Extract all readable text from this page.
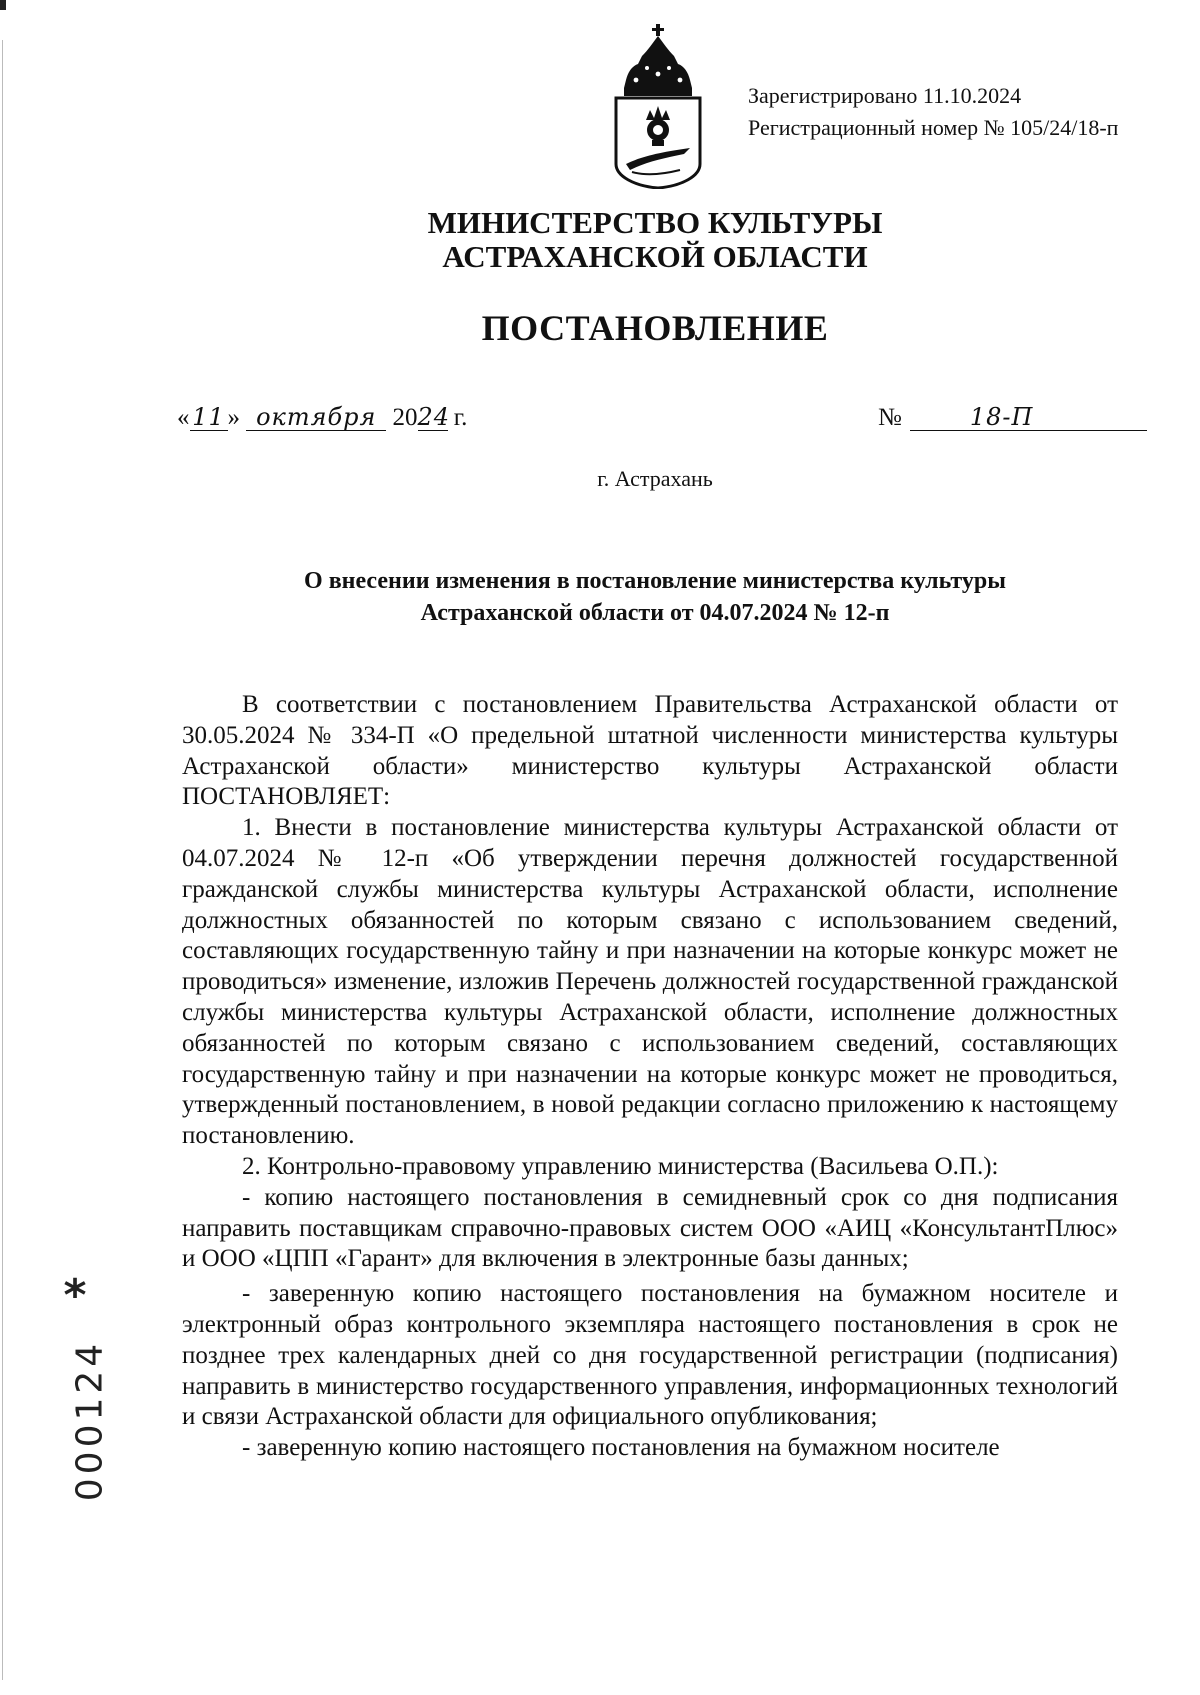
Зарегистрировано 11.10.2024
Регистрационный номер № 105/24/18-п
МИНИСТЕРСТВО КУЛЬТУРЫ
АСТРАХАНСКОЙ ОБЛАСТИ
ПОСТАНОВЛЕНИЕ
« 11 » октября 2024 г.	№	18-П
г. Астрахань
О внесении изменения в постановление министерства культуры
Астраханской области от 04.07.2024 № 12-п

В соответствии с постановлением Правительства Астраханской области от 30.05.2024 № 334-П «О предельной штатной численности министерства культуры Астраханской области» министерство культуры Астраханской области ПОСТАНОВЛЯЕТ:

1. Внести в постановление министерства культуры Астраханской области от 04.07.2024 № 12-п «Об утверждении перечня должностей государственной гражданской службы министерства культуры Астраханской области, исполнение должностных обязанностей по которым связано с использованием сведений, составляющих государственную тайну и при назначении на которые конкурс может не проводиться» изменение, изложив Перечень должностей государственной гражданской службы министерства культуры Астраханской области, исполнение должностных обязанностей по которым связано с использованием сведений, составляющих государственную тайну и при назначении на которые конкурс может не проводиться, утвержденный постановлением, в новой редакции согласно приложению к настоящему постановлению.

2. Контрольно-правовому управлению министерства (Васильева О.П.):

- копию настоящего постановления в семидневный срок со дня подписания направить поставщикам справочно-правовых систем ООО «АИЦ «КонсультантПлюс» и ООО «ЦПП «Гарант» для включения в электронные базы данных;

- заверенную копию настоящего постановления на бумажном носителе и электронный образ контрольного экземпляра настоящего постановления в срок не позднее трех календарных дней со дня государственной регистрации (подписания) направить в министерство государственного управления, информационных технологий и связи Астраханской области для официального опубликования;

- заверенную копию настоящего постановления на бумажном носителе

*
000124
